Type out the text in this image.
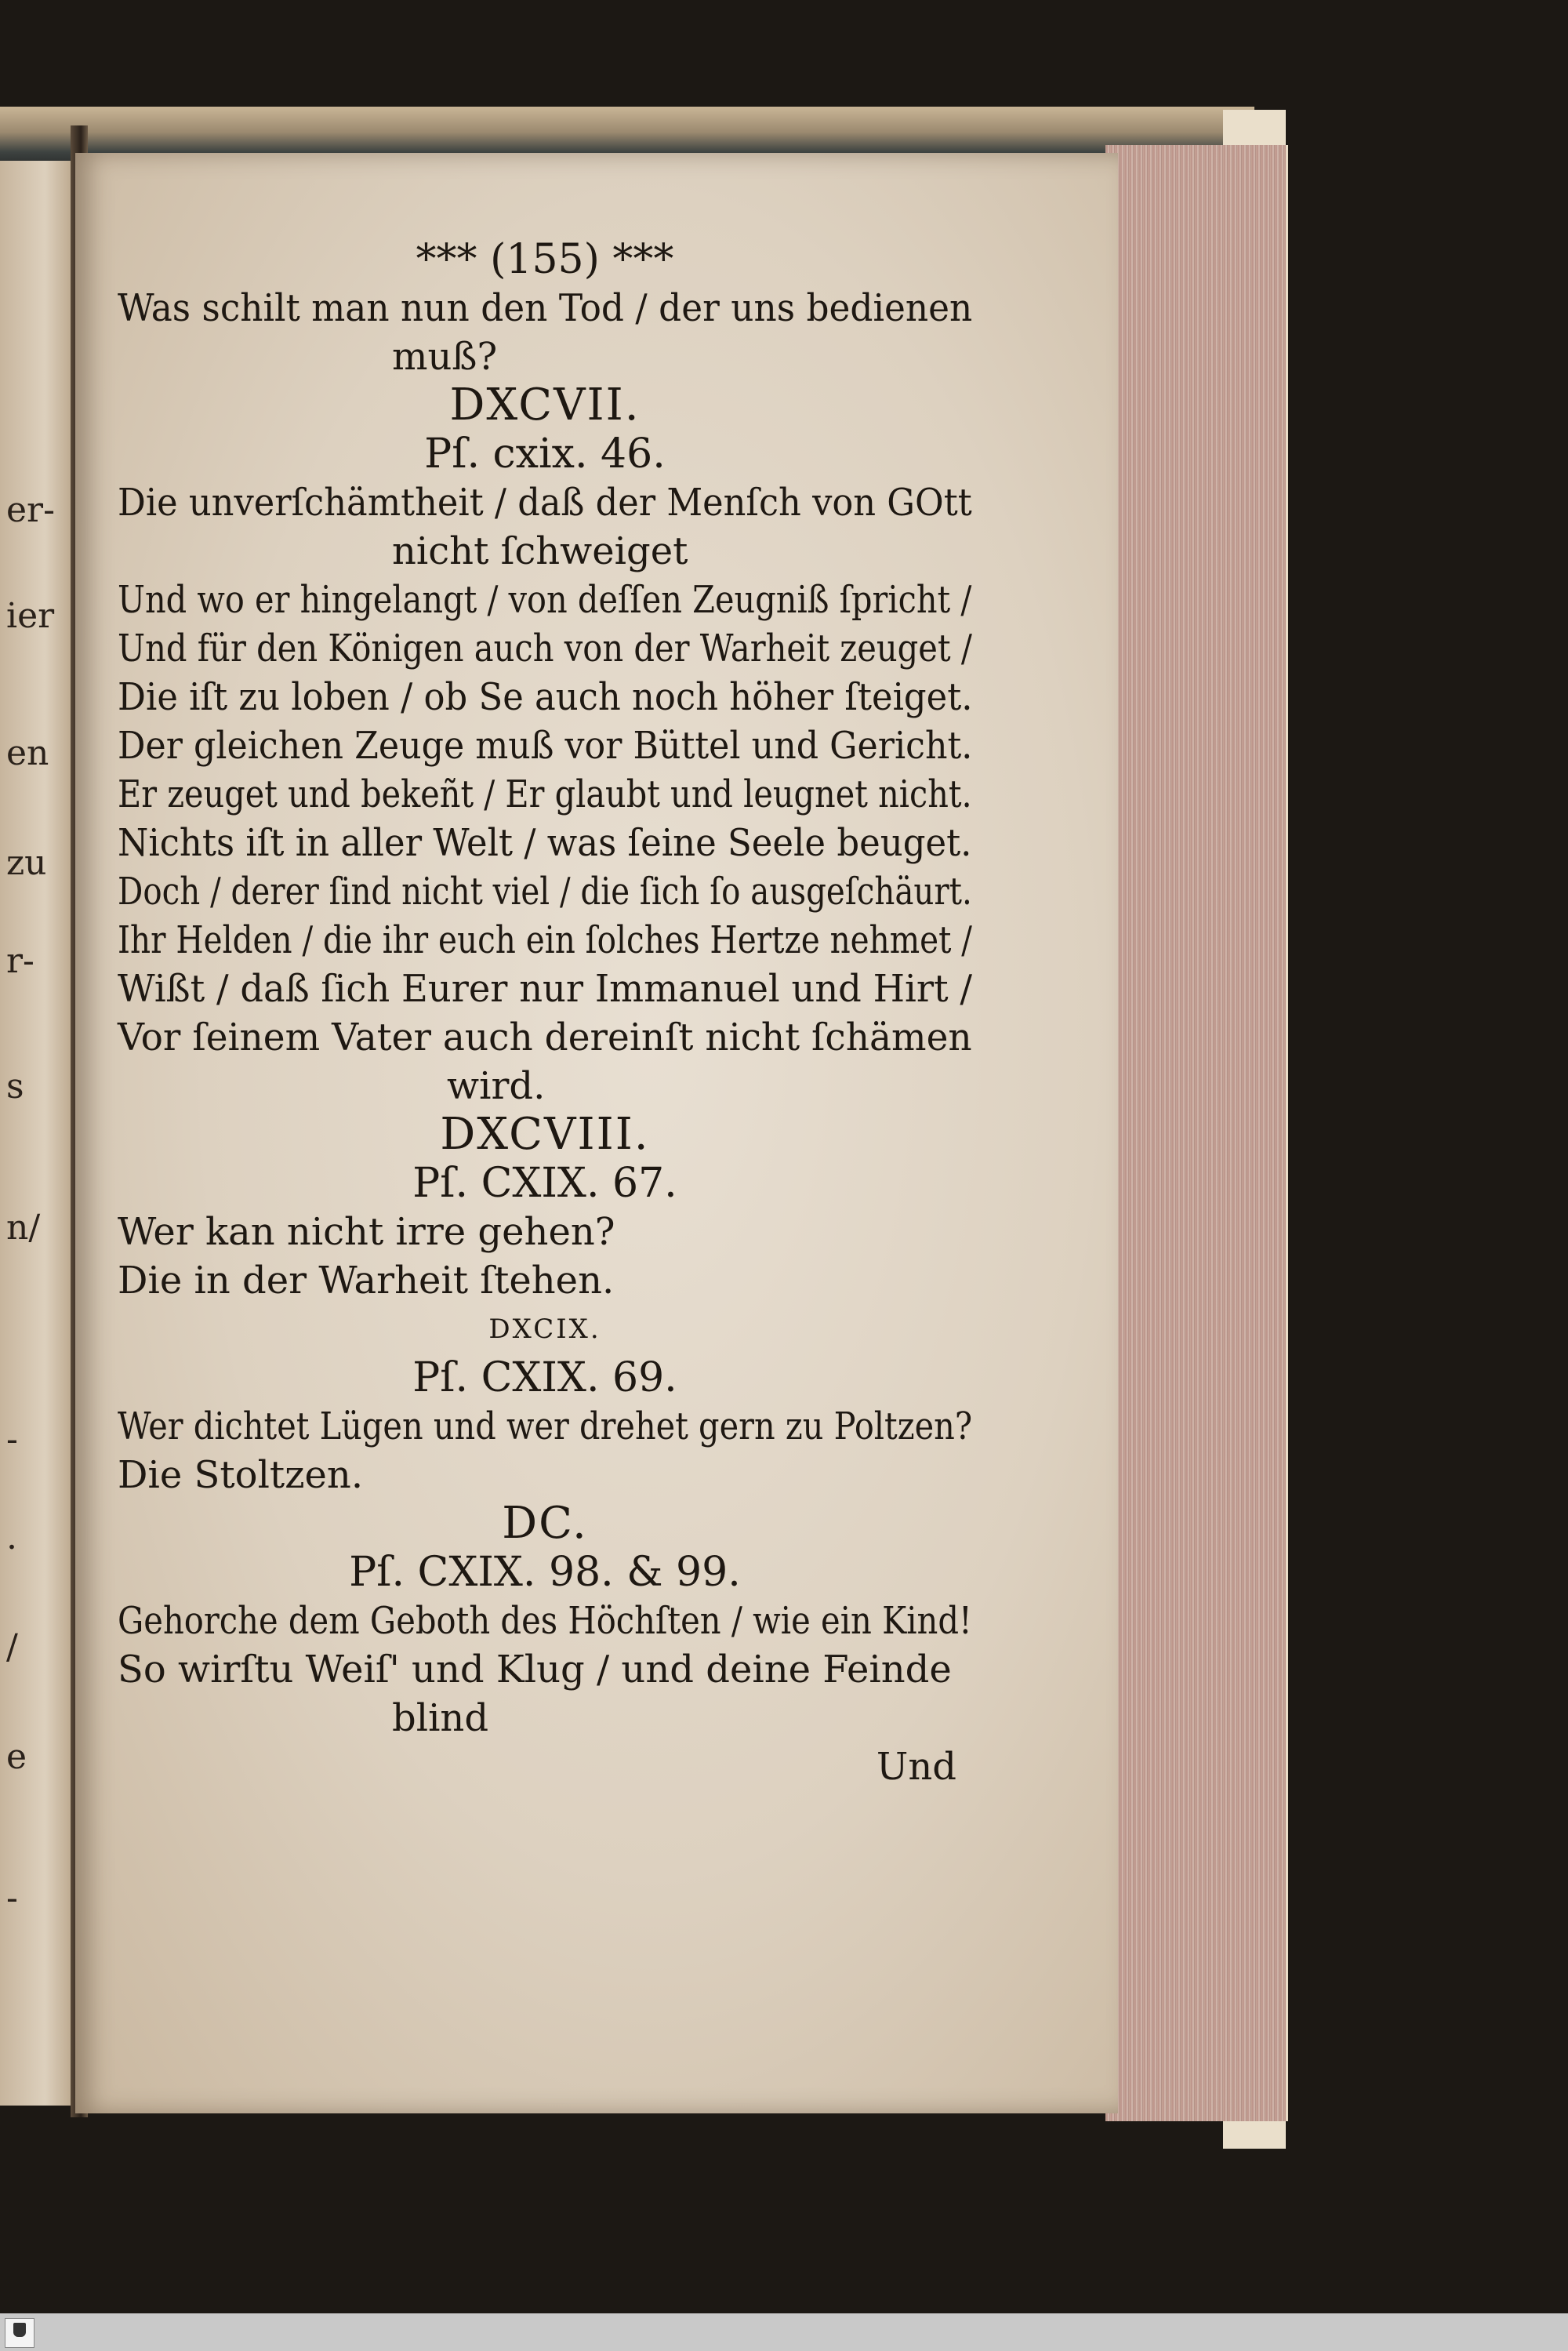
er-
ier
en
zu
r-
s
n/
-
.
/
e
-
*** (155) ***
Was schilt man nun den Tod / der uns bedienen
muß?
DXCVII.
Pſ. cxix. 46.
Die unverſchämtheit / daß der Menſch von GOtt
nicht ſchweiget
Und wo er hingelangt / von deſſen Zeugniß ſpricht /
Und für den Königen auch von der Warheit zeuget /
Die iſt zu loben / ob Se auch noch höher ſteiget.
Der gleichen Zeuge muß vor Büttel und Gericht.
Er zeuget und bekeñt / Er glaubt und leugnet nicht.
Nichts iſt in aller Welt / was ſeine Seele beuget.
Doch / derer ſind nicht viel / die ſich ſo ausgeſchäurt.
Ihr Helden / die ihr euch ein ſolches Hertze nehmet /
Wißt / daß ſich Eurer nur Immanuel und Hirt /
Vor ſeinem Vater auch dereinſt nicht ſchämen
wird.
DXCVIII.
Pſ. CXIX. 67.
Wer kan nicht irre gehen?
Die in der Warheit ſtehen.
DXCIX.
Pſ. CXIX. 69.
Wer dichtet Lügen und wer drehet gern zu Poltzen?
Die Stoltzen.
DC.
Pſ. CXIX. 98. & 99.
Gehorche dem Geboth des Höchſten / wie ein Kind!
So wirſtu Weiſ' und Klug / und deine Feinde
blind
Und
